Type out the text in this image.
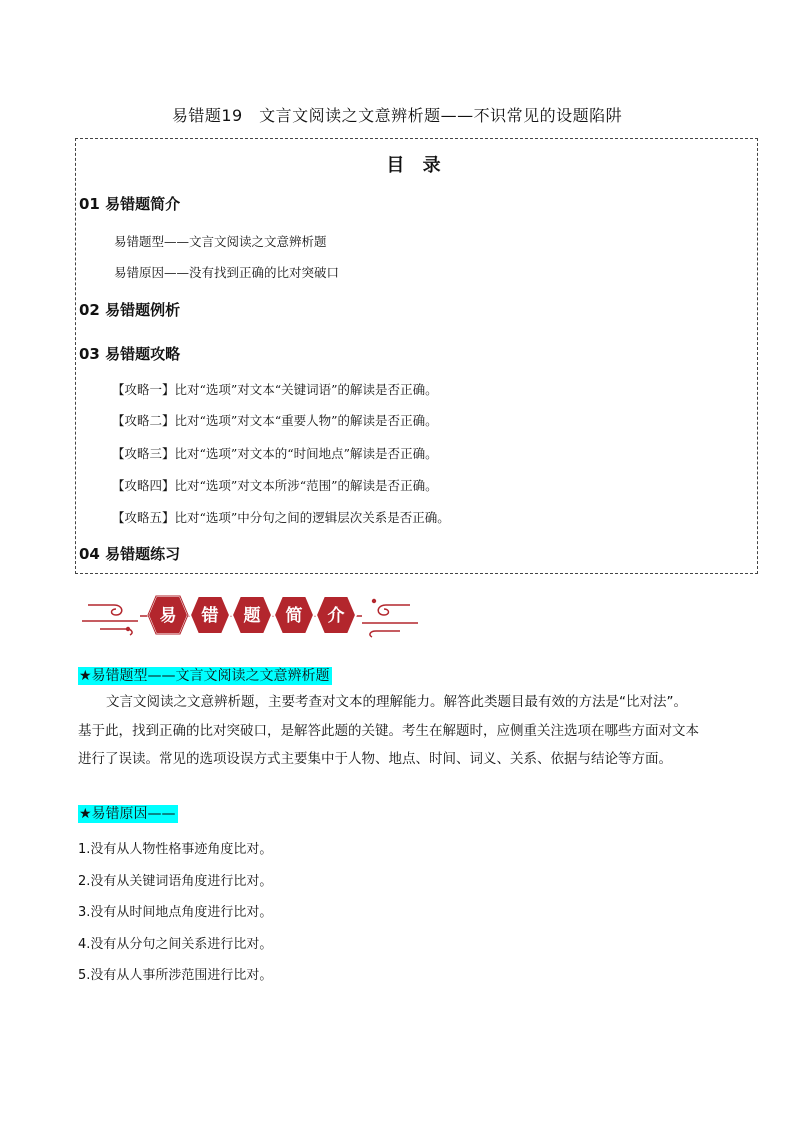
易错题19　文言文阅读之文意辨析题——不识常见的设题陷阱
目 录
01 易错题简介
易错题型——文言文阅读之文意辨析题
易错原因——没有找到正确的比对突破口
02 易错题例析
03 易错题攻略
【攻略一】比对“选项”对文本“关键词语”的解读是否正确。
【攻略二】比对“选项”对文本“重要人物”的解读是否正确。
【攻略三】比对“选项”对文本的“时间地点”解读是否正确。
【攻略四】比对“选项”对文本所涉“范围”的解读是否正确。
【攻略五】比对“选项”中分句之间的逻辑层次关系是否正确。
04 易错题练习
易 错 题 简 介
★易错题型——文言文阅读之文意辨析题
文言文阅读之文意辨析题，主要考查对文本的理解能力。解答此类题目最有效的方法是“比对法”。
基于此，找到正确的比对突破口，是解答此题的关键。考生在解题时，应侧重关注选项在哪些方面对文本
进行了误读。常见的选项设误方式主要集中于人物、地点、时间、词义、关系、依据与结论等方面。
★易错原因——
1.没有从人物性格事迹角度比对。
2.没有从关键词语角度进行比对。
3.没有从时间地点角度进行比对。
4.没有从分句之间关系进行比对。
5.没有从人事所涉范围进行比对。
